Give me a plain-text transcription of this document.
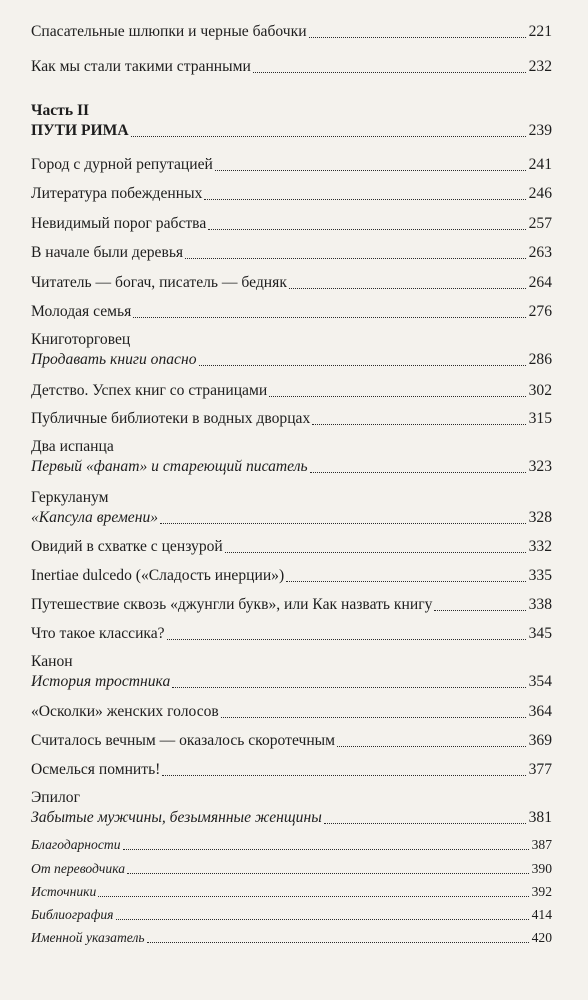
Спасательные шлюпки и черные бабочки	221
Как мы стали такими странными	232
Часть II
ПУТИ РИМА	239
Город с дурной репутацией	241
Литература побежденных	246
Невидимый порог рабства	257
В начале были деревья	263
Читатель — богач, писатель — бедняк	264
Молодая семья	276
Книготорговец
Продавать книги опасно	286
Детство. Успех книг со страницами	302
Публичные библиотеки в водных дворцах	315
Два испанца
Первый «фанат» и стареющий писатель	323
Геркуланум
«Капсула времени»	328
Овидий в схватке с цензурой	332
Inertiae dulcedo («Сладость инерции»)	335
Путешествие сквозь «джунгли букв», или Как назвать книгу	338
Что такое классика?	345
Канон
История тростника	354
«Осколки» женских голосов	364
Считалось вечным — оказалось скоротечным	369
Осмелься помнить!	377
Эпилог
Забытые мужчины, безымянные женщины	381
Благодарности	387
От переводчика	390
Источники	392
Библиография	414
Именной указатель	420
